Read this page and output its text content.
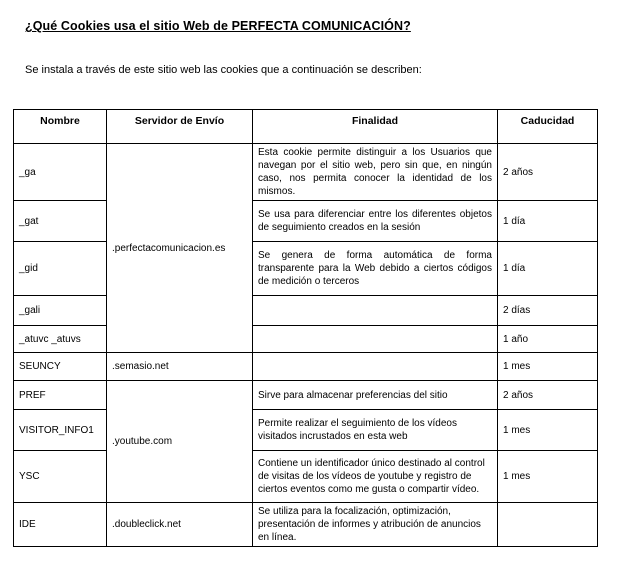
¿Qué Cookies usa el sitio Web de PERFECTA COMUNICACIÓN?
Se instala a través de este sitio web las cookies que a continuación se describen:
Nombre	Servidor de Envío	Finalidad	Caducidad
_ga	.perfectacomunicacion.es	Esta cookie permite distinguir a los Usuarios que navegan por el sitio web, pero sin que, en ningún caso, nos permita conocer la identidad de los mismos.	2 años
_gat		Se usa para diferenciar entre los diferentes objetos de seguimiento creados en la sesión	1 día
_gid		Se genera de forma automática de forma transparente para la Web debido a ciertos códigos de medición o terceros	1 día
_gali			2 días
_atuvc _atuvs			1 año
SEUNCY	.semasio.net		1 mes
PREF	.youtube.com	Sirve para almacenar preferencias del sitio	2 años
VISITOR_INFO1		Permite realizar el seguimiento de los vídeos visitados incrustados en esta web	1 mes
YSC		Contiene un identificador único destinado al control de visitas de los vídeos de youtube y registro de ciertos eventos como me gusta o compartir vídeo.	1 mes
IDE	.doubleclick.net	Se utiliza para la focalización, optimización, presentación de informes y atribución de anuncios en línea.	
